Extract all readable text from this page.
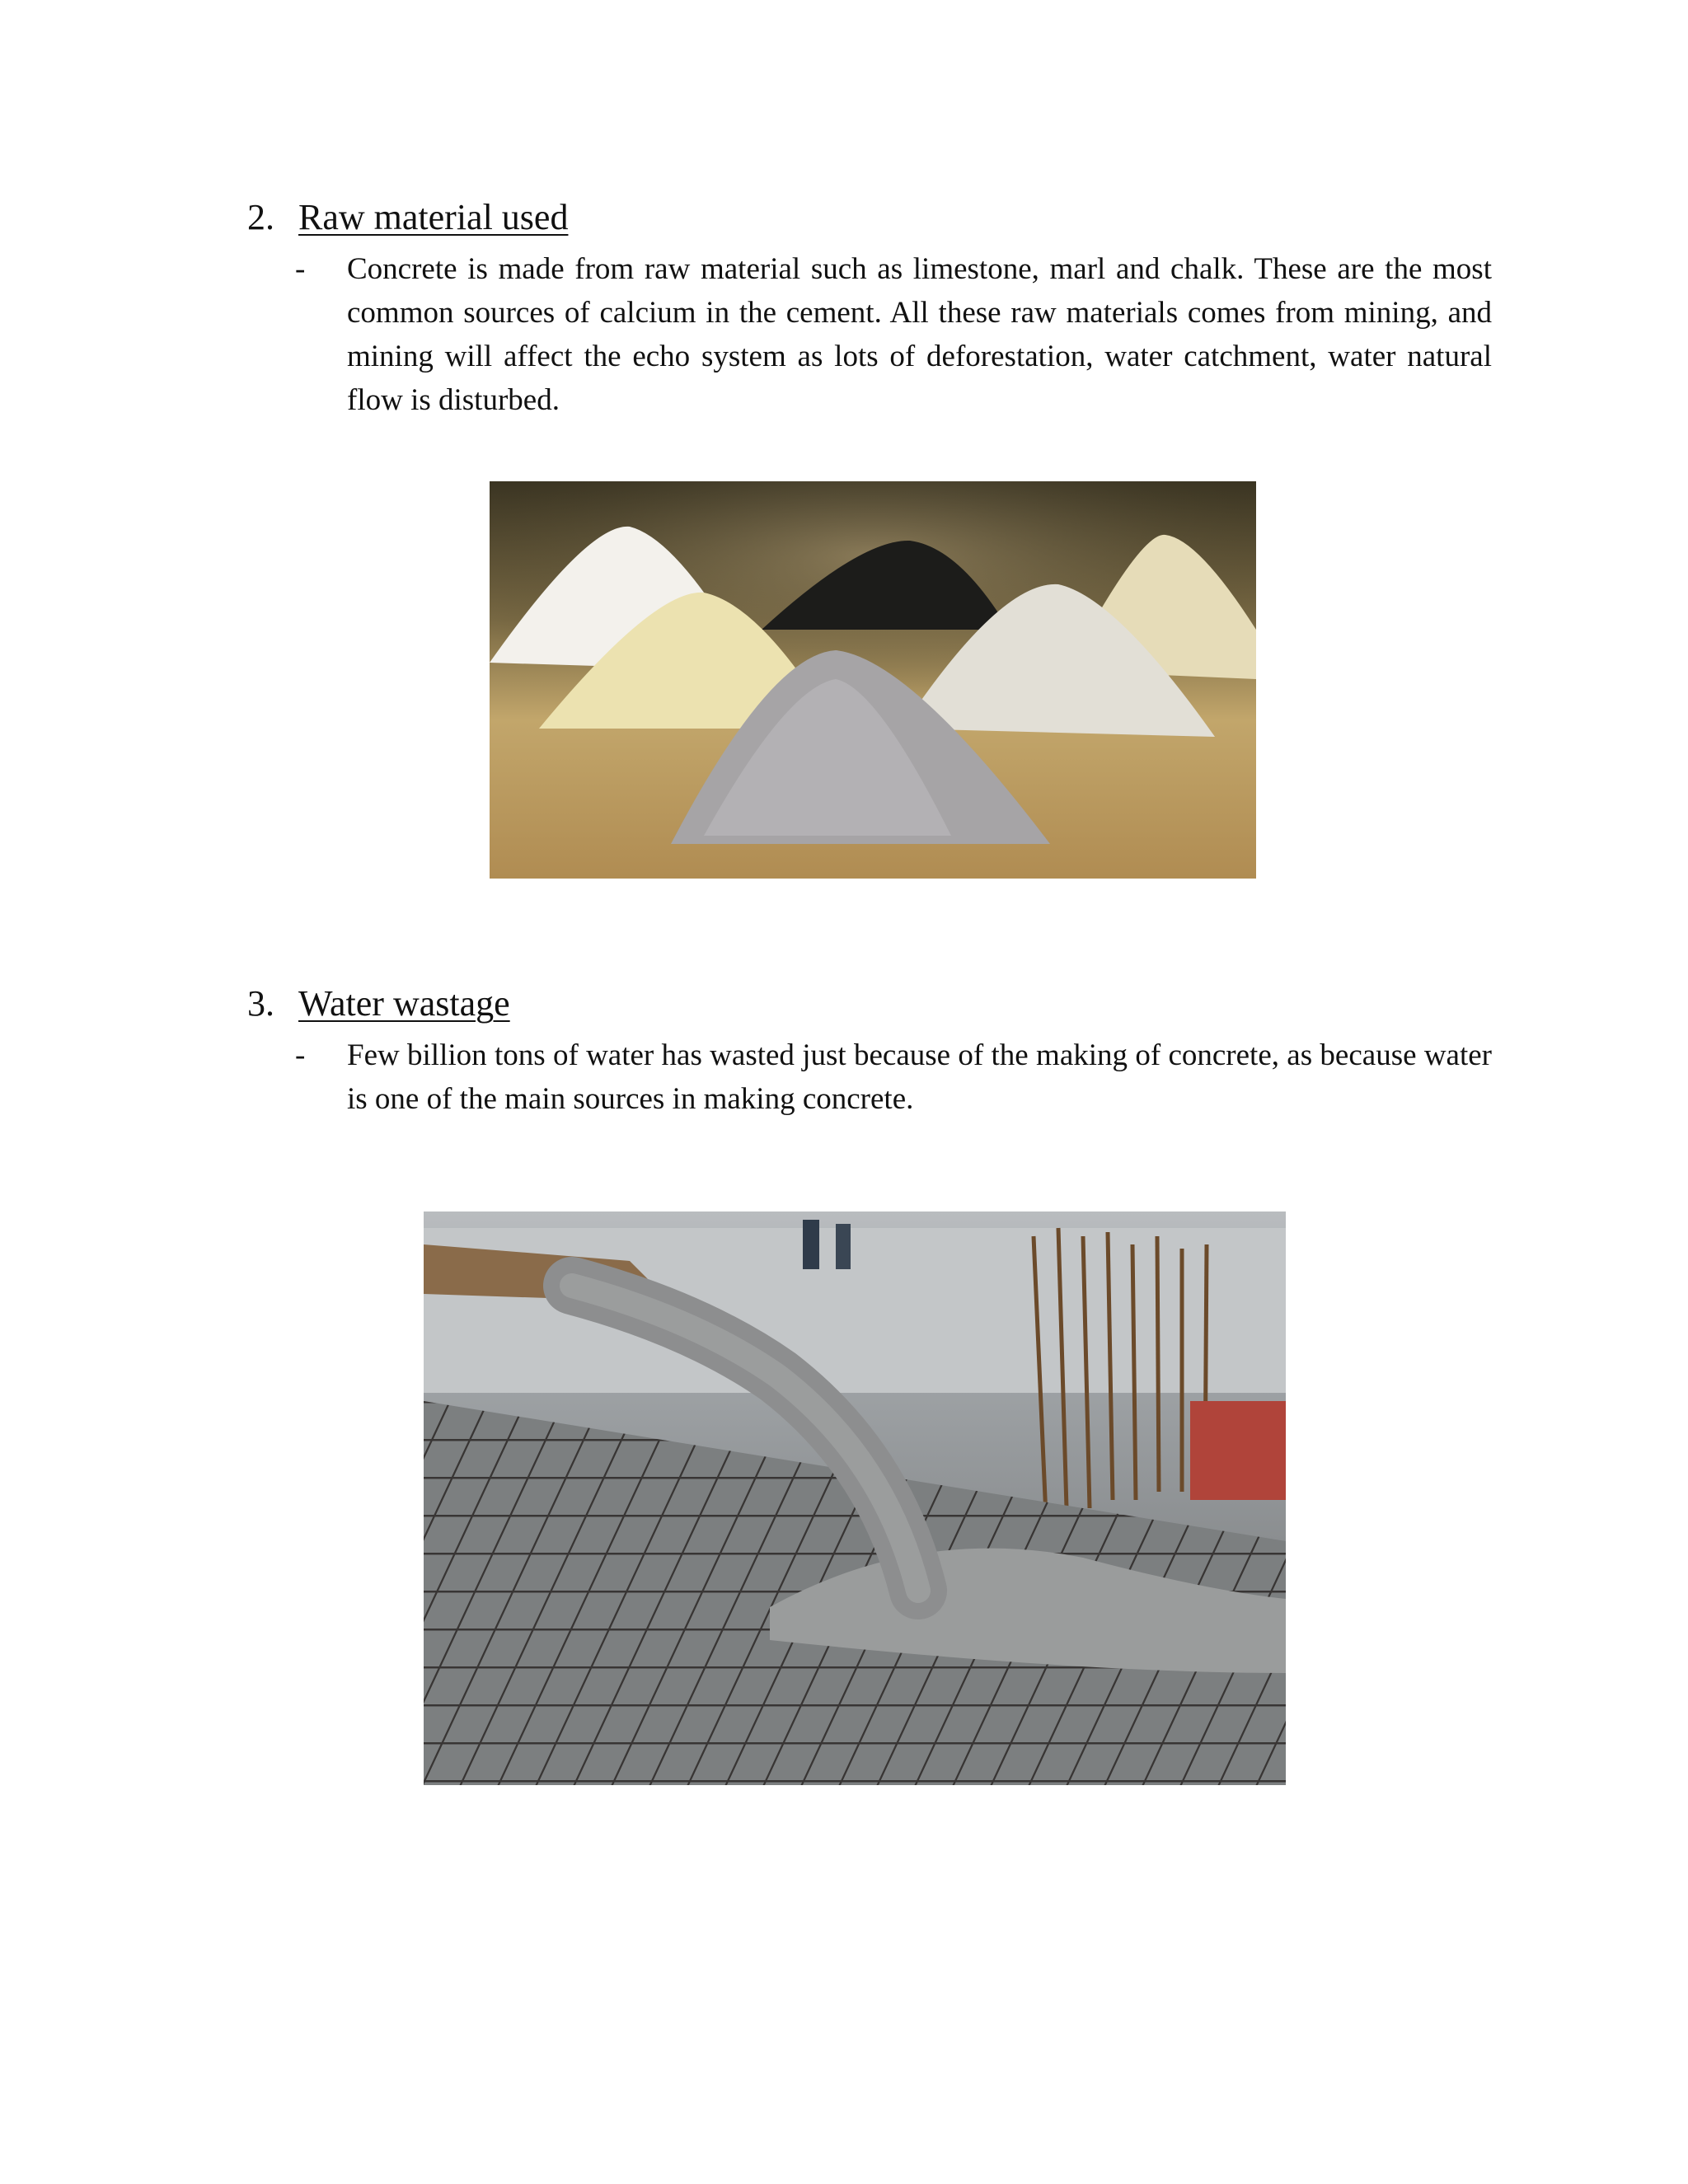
2. Raw material used
- Concrete is made from raw material such as limestone, marl and chalk. These are the most common sources of calcium in the cement. All these raw materials comes from mining, and mining will affect the echo system as lots of deforestation, water catchment, water natural flow is disturbed.
3. Water wastage
- Few billion tons of water has wasted just because of the making of concrete, as because water is one of the main sources in making concrete.
